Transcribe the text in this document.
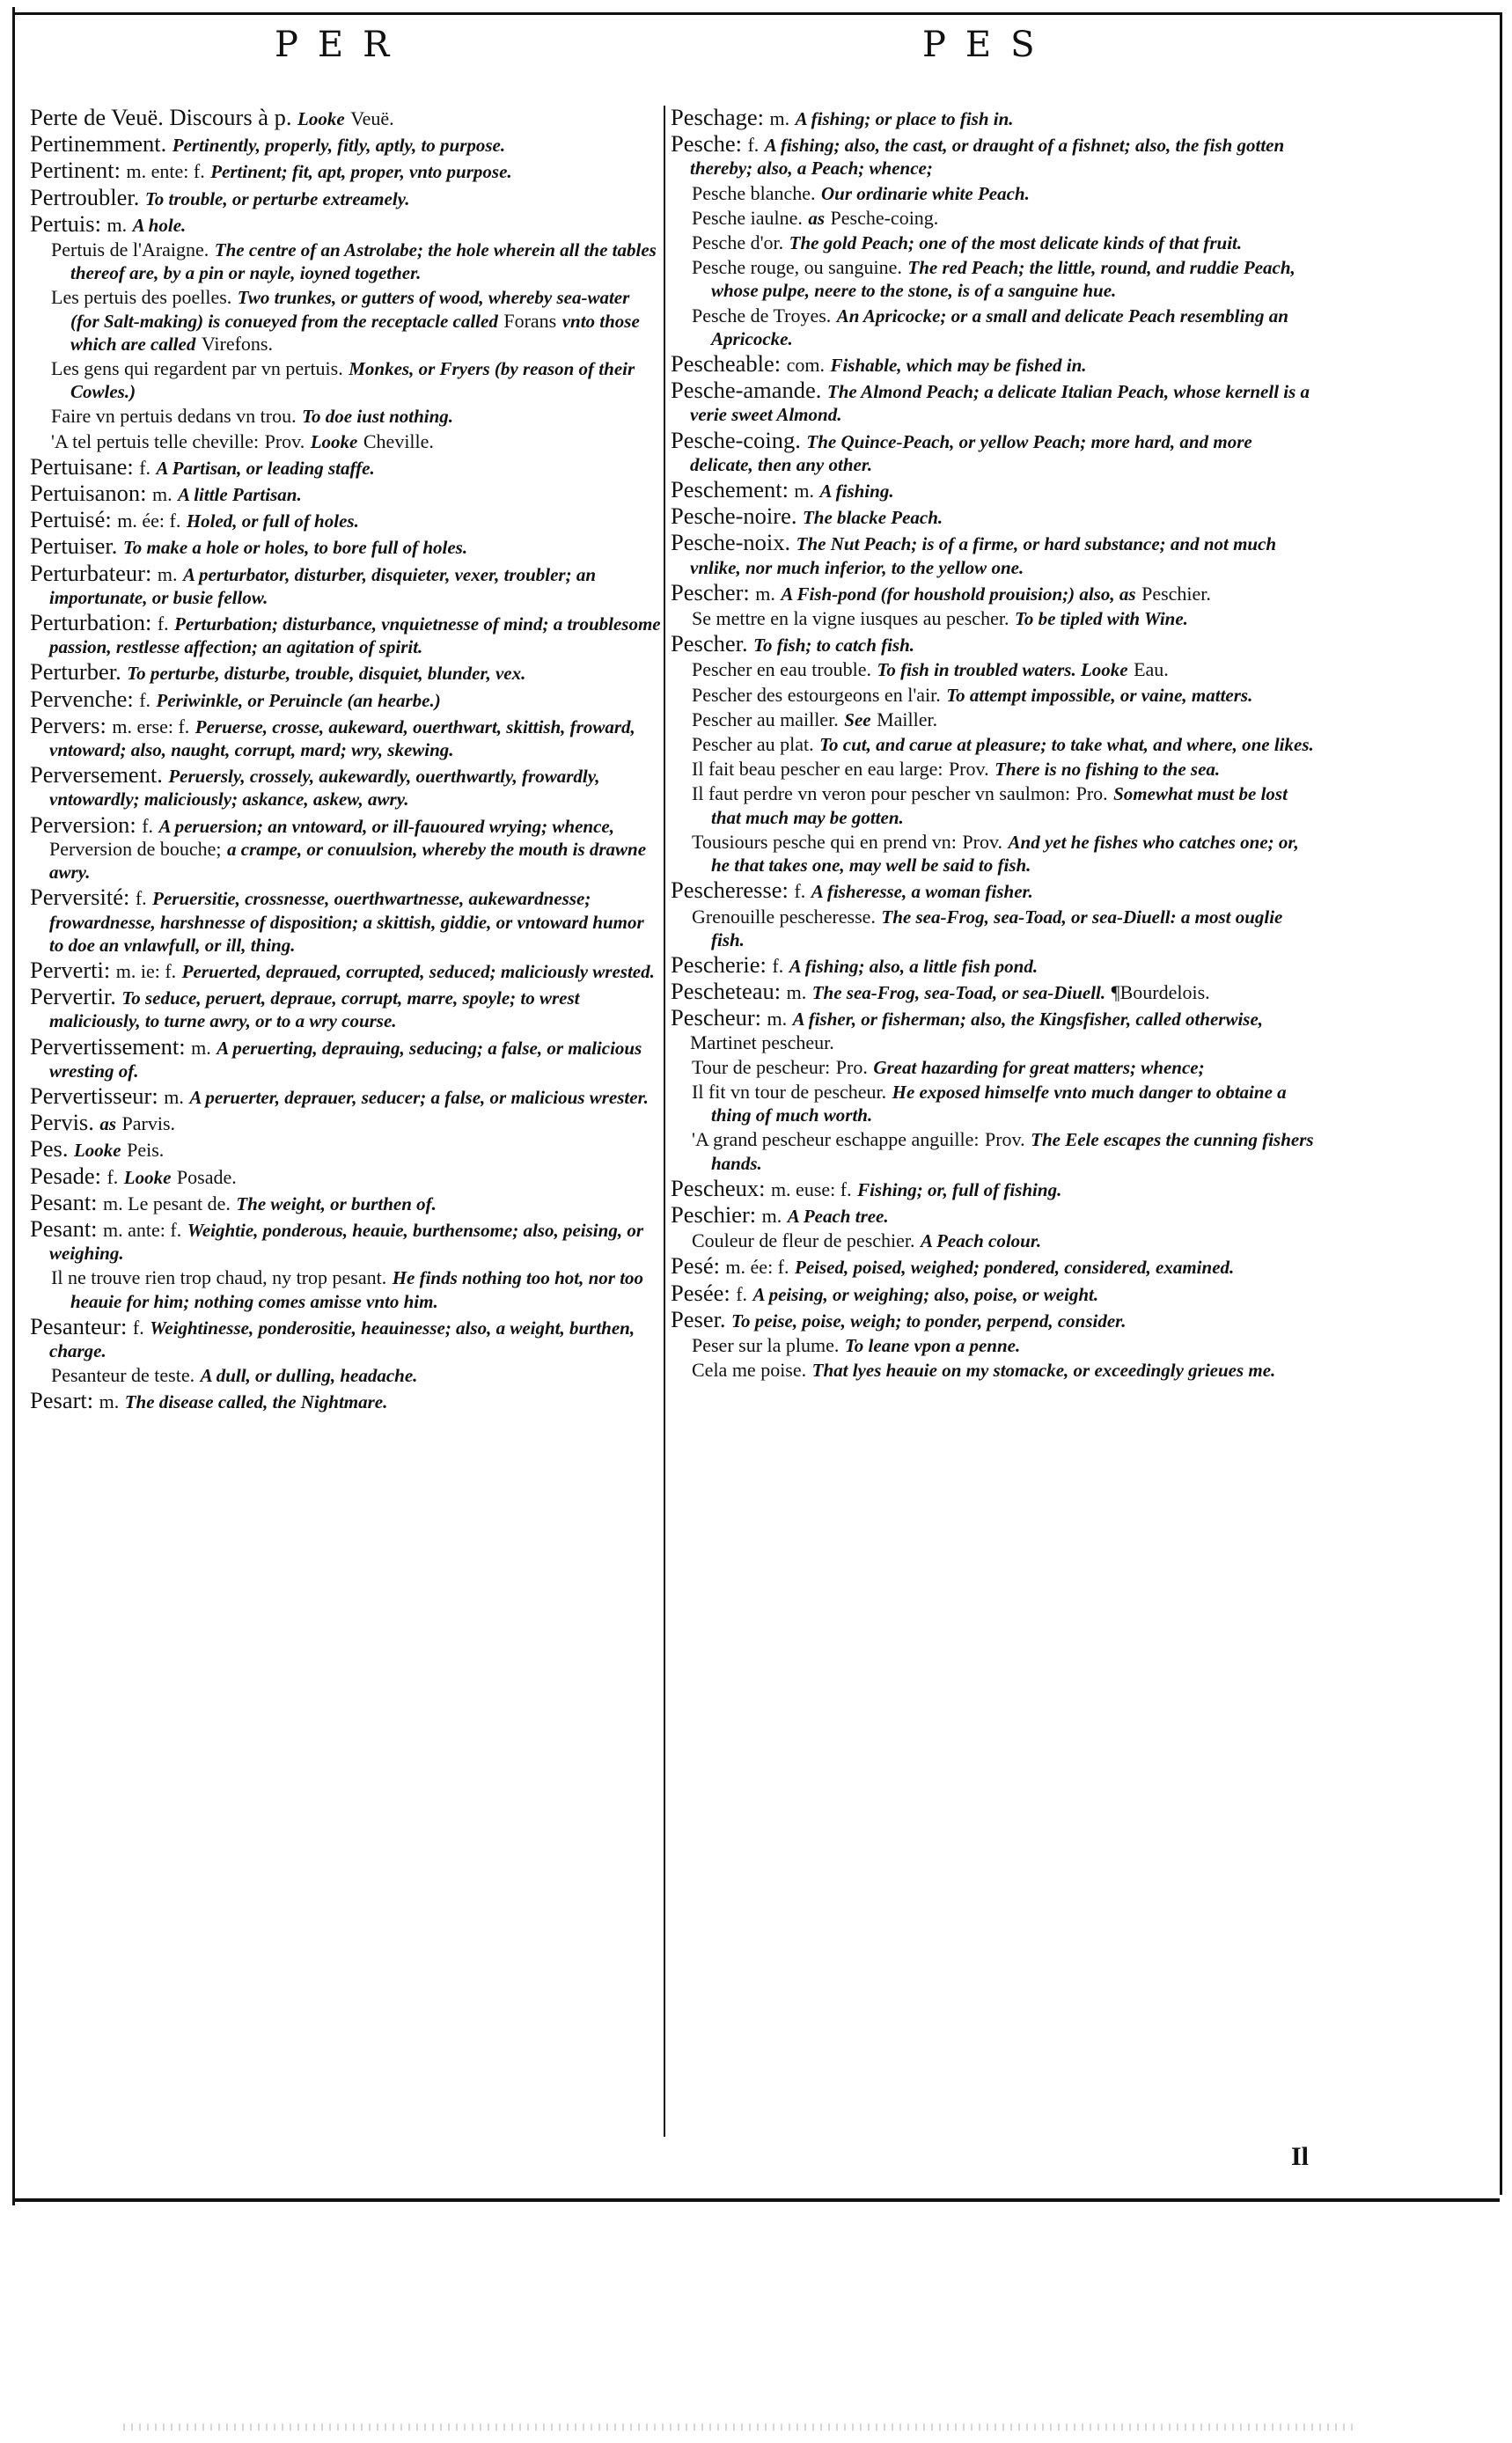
PER	PES
Perte de Veuë. Discours à p. Looke Veuë.
Pertinemment. Pertinently, properly, fitly, aptly, to purpose.
Pertinent: m. ente: f. Pertinent; fit, apt, proper, vnto purpose.
Pertroubler. To trouble, or perturbe extreamely.
Pertuis: m. A hole.
Pertuis de l'Araigne. The centre of an Astrolabe; the hole wherein all the tables thereof are, by a pin or nayle, ioyned together.
Les pertuis des poelles. Two trunkes, or gutters of wood, whereby sea-water (for Salt-making) is conueyed from the receptacle called Forans vnto those which are called Virefons.
Les gens qui regardent par vn pertuis. Monkes, or Fryers (by reason of their Cowles.)
Faire vn pertuis dedans vn trou. To doe iust nothing.
'A tel pertuis telle cheville: Prov. Looke Cheville.
Pertuisane: f. A Partisan, or leading staffe.
Pertuisanon: m. A little Partisan.
Pertuisé: m. ée: f. Holed, or full of holes.
Pertuiser. To make a hole or holes, to bore full of holes.
Perturbateur: m. A perturbator, disturber, disquieter, vexer, troubler; an importunate, or busie fellow.
Perturbation: f. Perturbation; disturbance, vnquietnesse of mind; a troublesome passion, restlesse affection; an agitation of spirit.
Perturber. To perturbe, disturbe, trouble, disquiet, blunder, vex.
Pervenche: f. Periwinkle, or Peruincle (an hearbe.)
Pervers: m. erse: f. Peruerse, crosse, aukeward, ouerthwart, skittish, froward, vntoward; also, naught, corrupt, mard; wry, skewing.
Perversement. Peruersly, crossely, aukewardly, ouerthwartly, frowardly, vntowardly; maliciously; askance, askew, awry.
Perversion: f. A peruersion; an vntoward, or ill-fauoured wrying; whence, Perversion de bouche; a crampe, or conuulsion, whereby the mouth is drawne awry.
Perversité: f. Peruersitie, crossnesse, ouerthwartnesse, aukewardnesse; frowardnesse, harshnesse of disposition; a skittish, giddie, or vntoward humor to doe an vnlawfull, or ill, thing.
Perverti: m. ie: f. Peruerted, depraued, corrupted, seduced; maliciously wrested.
Pervertir. To seduce, peruert, depraue, corrupt, marre, spoyle; to wrest maliciously, to turne awry, or to a wry course.
Pervertissement: m. A peruerting, deprauing, seducing; a false, or malicious wresting of.
Pervertisseur: m. A peruerter, deprauer, seducer; a false, or malicious wrester.
Pervis. as Parvis.
Pes. Looke Peis.
Pesade: f. Looke Posade.
Pesant: m. Le pesant de. The weight, or burthen of.
Pesant: m. ante: f. Weightie, ponderous, heauie, burthensome; also, peising, or weighing.
Il ne trouve rien trop chaud, ny trop pesant. He finds nothing too hot, nor too heauie for him; nothing comes amisse vnto him.
Pesanteur: f. Weightinesse, ponderositie, heauinesse; also, a weight, burthen, charge.
Pesanteur de teste. A dull, or dulling, headache.
Pesart: m. The disease called, the Nightmare.
Peschage: m. A fishing; or place to fish in.
Pesche: f. A fishing; also, the cast, or draught of a fishnet; also, the fish gotten thereby; also, a Peach; whence;
Pesche blanche. Our ordinarie white Peach.
Pesche iaulne. as Pesche-coing.
Pesche d'or. The gold Peach; one of the most delicate kinds of that fruit.
Pesche rouge, ou sanguine. The red Peach; the little, round, and ruddie Peach, whose pulpe, neere to the stone, is of a sanguine hue.
Pesche de Troyes. An Apricocke; or a small and delicate Peach resembling an Apricocke.
Pescheable: com. Fishable, which may be fished in.
Pesche-amande. The Almond Peach; a delicate Italian Peach, whose kernell is a verie sweet Almond.
Pesche-coing. The Quince-Peach, or yellow Peach; more hard, and more delicate, then any other.
Peschement: m. A fishing.
Pesche-noire. The blacke Peach.
Pesche-noix. The Nut Peach; is of a firme, or hard substance; and not much vnlike, nor much inferior, to the yellow one.
Pescher: m. A Fish-pond (for houshold prouision;) also, as Peschier.
Se mettre en la vigne iusques au pescher. To be tipled with Wine.
Pescher. To fish; to catch fish.
Pescher en eau trouble. To fish in troubled waters. Looke Eau.
Pescher des estourgeons en l'air. To attempt impossible, or vaine, matters.
Pescher au mailler. See Mailler.
Pescher au plat. To cut, and carue at pleasure; to take what, and where, one likes.
Il fait beau pescher en eau large: Prov. There is no fishing to the sea.
Il faut perdre vn veron pour pescher vn saulmon: Pro. Somewhat must be lost that much may be gotten.
Tousiours pesche qui en prend vn: Prov. And yet he fishes who catches one; or, he that takes one, may well be said to fish.
Pescheresse: f. A fisheresse, a woman fisher.
Grenouille pescheresse. The sea-Frog, sea-Toad, or sea-Diuell: a most ouglie fish.
Pescherie: f. A fishing; also, a little fish pond.
Pescheteau: m. The sea-Frog, sea-Toad, or sea-Diuell. ¶Bourdelois.
Pescheur: m. A fisher, or fisherman; also, the Kingsfisher, called otherwise, Martinet pescheur.
Tour de pescheur: Pro. Great hazarding for great matters; whence;
Il fit vn tour de pescheur. He exposed himselfe vnto much danger to obtaine a thing of much worth.
'A grand pescheur eschappe anguille: Prov. The Eele escapes the cunning fishers hands.
Pescheux: m. euse: f. Fishing; or, full of fishing.
Peschier: m. A Peach tree.
Couleur de fleur de peschier. A Peach colour.
Pesé: m. ée: f. Peised, poised, weighed; pondered, considered, examined.
Pesée: f. A peising, or weighing; also, poise, or weight.
Peser. To peise, poise, weigh; to ponder, perpend, consider.
Peser sur la plume. To leane vpon a penne.
Cela me poise. That lyes heauie on my stomacke, or exceedingly grieues me.
Il
